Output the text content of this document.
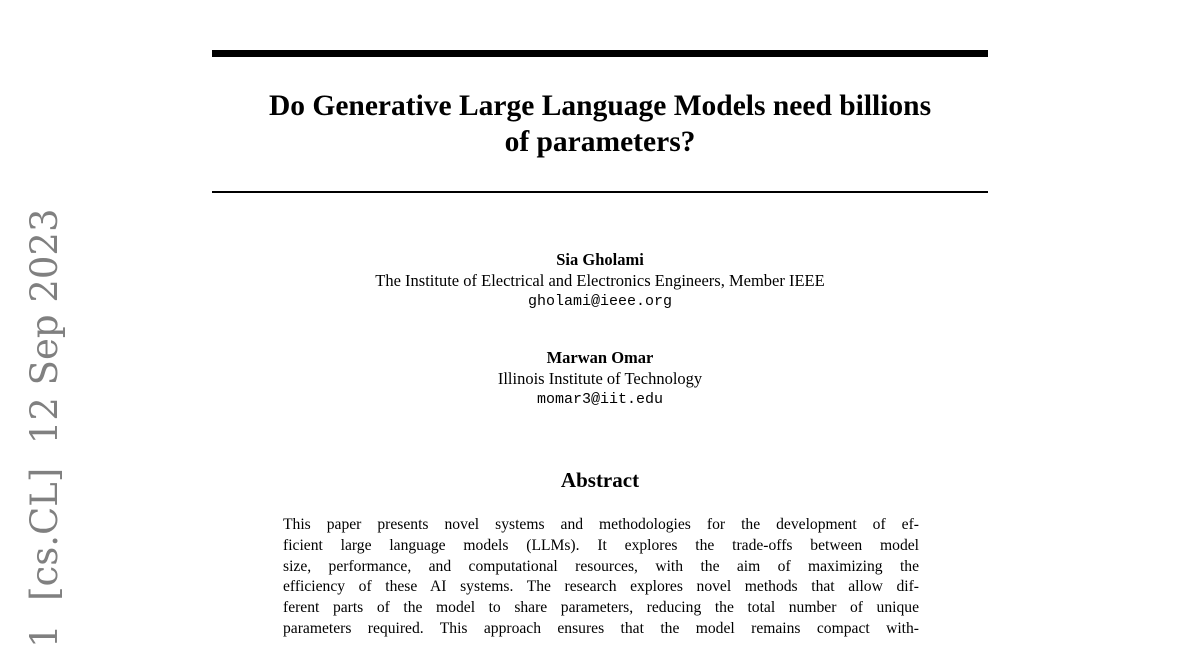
1  [cs.CL]  12 Sep 2023
Do Generative Large Language Models need billions
of parameters?
Sia Gholami
The Institute of Electrical and Electronics Engineers, Member IEEE
gholami@ieee.org
Marwan Omar
Illinois Institute of Technology
momar3@iit.edu
Abstract
This paper presents novel systems and methodologies for the development of ef-
ficient large language models (LLMs). It explores the trade-offs between model
size, performance, and computational resources, with the aim of maximizing the
efficiency of these AI systems. The research explores novel methods that allow dif-
ferent parts of the model to share parameters, reducing the total number of unique
parameters required. This approach ensures that the model remains compact with-
